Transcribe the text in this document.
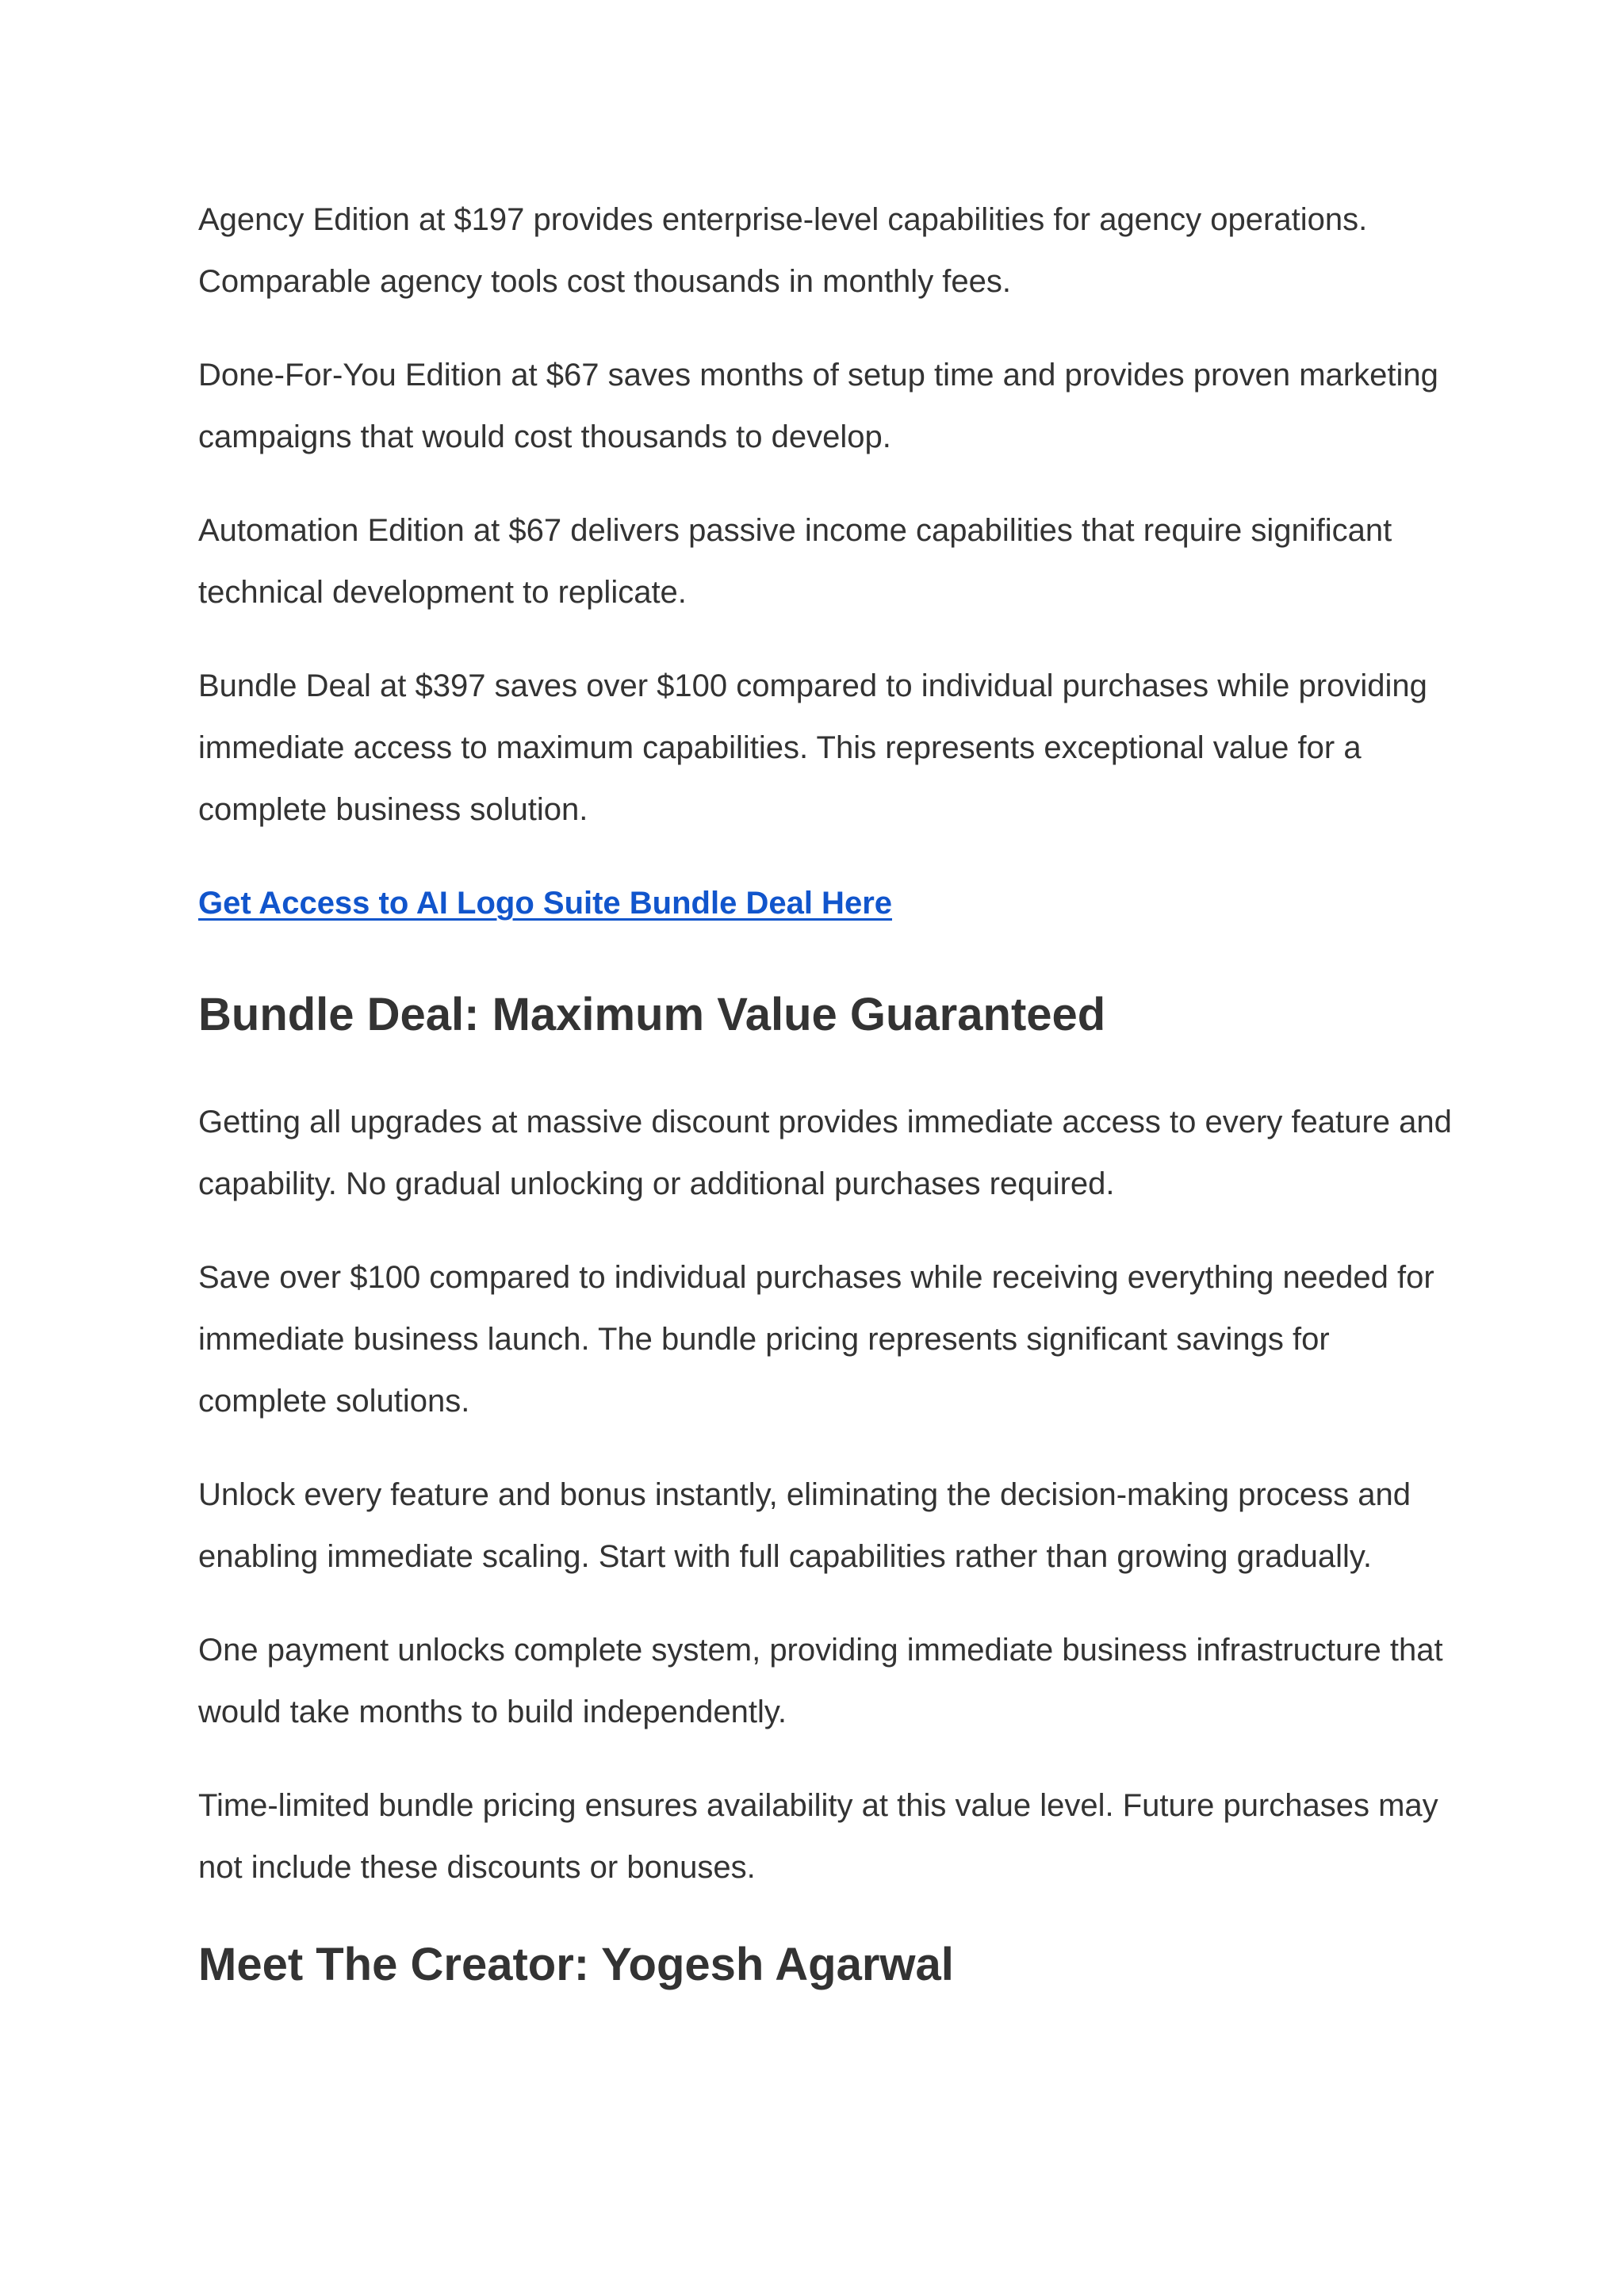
Agency Edition at $197 provides enterprise-level capabilities for agency operations. Comparable agency tools cost thousands in monthly fees.

Done-For-You Edition at $67 saves months of setup time and provides proven marketing campaigns that would cost thousands to develop.

Automation Edition at $67 delivers passive income capabilities that require significant technical development to replicate.

Bundle Deal at $397 saves over $100 compared to individual purchases while providing immediate access to maximum capabilities. This represents exceptional value for a complete business solution.

Get Access to AI Logo Suite Bundle Deal Here
Bundle Deal: Maximum Value Guaranteed

Getting all upgrades at massive discount provides immediate access to every feature and capability. No gradual unlocking or additional purchases required.

Save over $100 compared to individual purchases while receiving everything needed for immediate business launch. The bundle pricing represents significant savings for complete solutions.

Unlock every feature and bonus instantly, eliminating the decision-making process and enabling immediate scaling. Start with full capabilities rather than growing gradually.

One payment unlocks complete system, providing immediate business infrastructure that would take months to build independently.

Time-limited bundle pricing ensures availability at this value level. Future purchases may not include these discounts or bonuses.

Meet The Creator: Yogesh Agarwal
